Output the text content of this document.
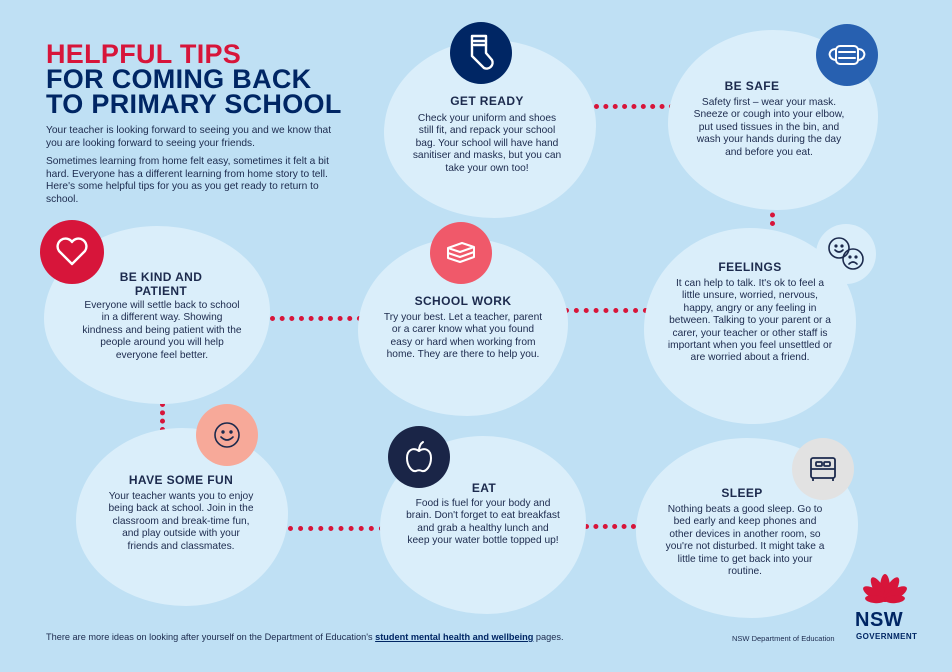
HELPFUL TIPS
FOR COMING BACK
TO PRIMARY SCHOOL

Your teacher is looking forward to seeing you and we know that you are looking forward to seeing your friends.

Sometimes learning from home felt easy, sometimes it felt a bit hard. Everyone has a different learning from home story to tell. Here's some helpful tips for you as you get ready to return to school.

GET READY
Check your uniform and shoes still fit, and repack your school bag. Your school will have hand sanitiser and masks, but you can take your own too!
BE SAFE
Safety first – wear your mask. Sneeze or cough into your elbow, put used tissues in the bin, and wash your hands during the day and before you eat.
BE KIND AND
PATIENT
Everyone will settle back to school in a different way. Showing kindness and being patient with the people around you will help everyone feel better.
SCHOOL WORK
Try your best. Let a teacher, parent or a carer know what you found easy or hard when working from home. They are there to help you.
FEELINGS
It can help to talk. It's ok to feel a little unsure, worried, nervous, happy, angry or any feeling in between. Talking to your parent or a carer, your teacher or other staff is important when you feel unsettled or are worried about a friend.
HAVE SOME FUN
Your teacher wants you to enjoy being back at school. Join in the classroom and break-time fun, and play outside with your friends and classmates.
EAT
Food is fuel for your body and brain. Don't forget to eat breakfast and grab a healthy lunch and keep your water bottle topped up!
SLEEP
Nothing beats a good sleep. Go to bed early and keep phones and other devices in another room, so you're not disturbed. It might take a little time to get back into your routine.
There are more ideas on looking after yourself on the Department of Education's student mental health and wellbeing pages.	NSW Department of Education
NSW
GOVERNMENT
